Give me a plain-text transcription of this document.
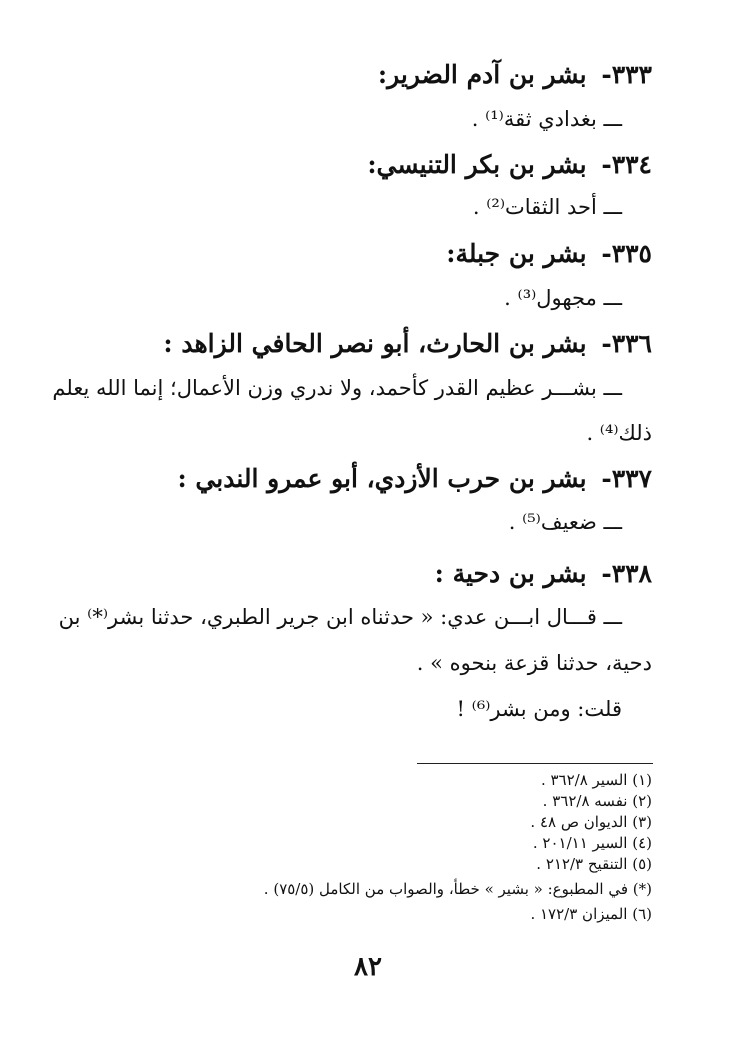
٣٣٣- بشر بن آدم الضرير:
ـــ بغدادي ثقة⁽¹⁾ .
٣٣٤- بشر بن بكر التنيسي:
ـــ أحد الثقات⁽²⁾ .
٣٣٥- بشر بن جبلة:
ـــ مجهول⁽³⁾ .
٣٣٦- بشر بن الحارث، أبو نصر الحافي الزاهد :
ـــ بشـــر عظيم القدر كأحمد، ولا ندري وزن الأعمال؛ إنما الله يعلم
ذلك⁽⁴⁾ .
٣٣٧- بشر بن حرب الأزدي، أبو عمرو الندبي :
ـــ ضعيف⁽⁵⁾ .
٣٣٨- بشر بن دحية :
ـــ قـــال ابـــن عدي: « حدثناه ابن جرير الطبري، حدثنا بشر⁽*⁾ بن
دحية، حدثنا قزعة بنحوه » .
قلت: ومن بشر⁽⁶⁾ !
(١) السير ٣٦٢/٨ .
(٢) نفسه ٣٦٢/٨ .
(٣) الديوان ص ٤٨ .
(٤) السير ٢٠١/١١ .
(٥) التنقيح ٢١٢/٣ .
(*) في المطبوع: « بشير » خطأ، والصواب من الكامل (٧٥/٥) .
(٦) الميزان ١٧٢/٣ .
٨٢
